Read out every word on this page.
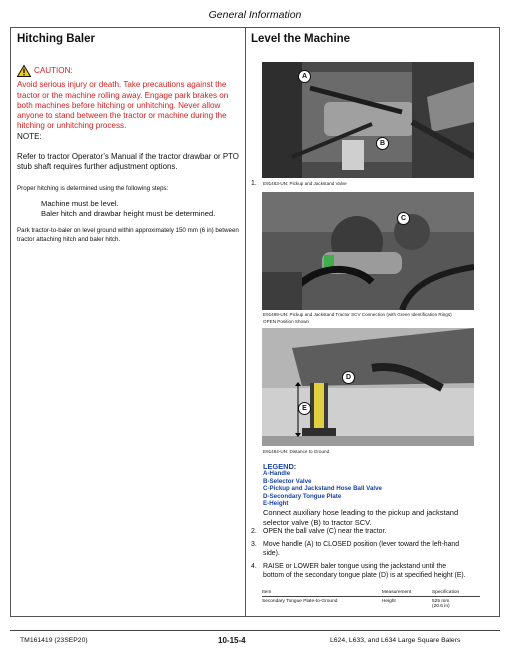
General Information
Hitching Baler
CAUTION:
Avoid serious injury or death. Take precautions against the tractor or the machine rolling away. Engage park brakes on both machines before hitching or unhitching. Never allow anyone to stand between the tractor or machine during the hitching or unhitching process.
NOTE:
Refer to tractor Operator’s Manual if the tractor drawbar or PTO stub shaft requires further adjustment options.
Proper hitching is determined using the following steps:
Machine must be level.
Baler hitch and drawbar height must be determined.
Park tractor-to-baler on level ground within approximately 150 mm (6 in) between tractor attaching hitch and baler hitch.
Level the Machine
A
B
1.	E91463-UN: Pickup and Jackstand Valve
C
E91499-UN: Pickup and Jackstand Tractor SCV Connection (with Green Identification Rings)
OPEN Position Shown
D
E
E91484-UN: Distance to Ground
LEGEND:
A-Handle
B-Selector Valve
C-Pickup and Jackstand Hose Ball Valve
D-Secondary Tongue Plate
E-Height
Connect auxiliary hose leading to the pickup and jackstand selector valve (B) to tractor SCV.
2. OPEN the ball valve (C) near the tractor.
3. Move handle (A) to CLOSED position (lever toward the left-hand side).
4. RAISE or LOWER baler tongue using the jackstand until the bottom of the secondary tongue plate (D) is at specified height (E).
Item	Measurement	Specification
Secondary Tongue Plate-to-Ground	Height	525 mm
(20.6 in)
TM161419 (23SEP20)	10-15-4	L624, L633, and L634 Large Square Balers
